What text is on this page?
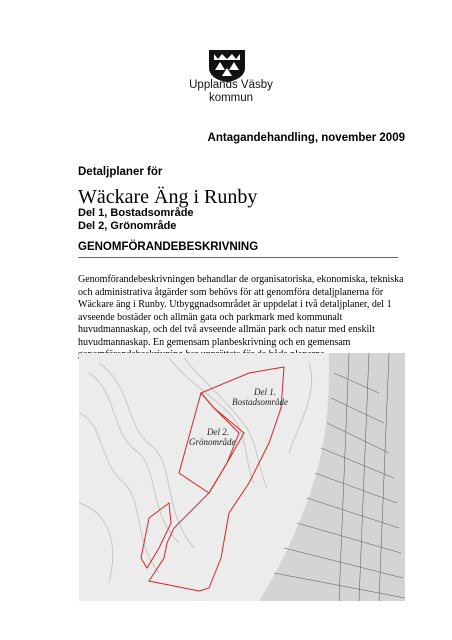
Upplands Väsby
kommun
Antagandehandling, november 2009
Detaljplaner för
Wäckare Äng i Runby
Del 1, Bostadsområde
Del 2, Grönområde
GENOMFÖRANDEBESKRIVNING
Genomförandebeskrivningen behandlar de organisatoriska, ekonomiska, tekniska och administrativa åtgärder som behövs för att genomföra detaljplanerna för Wäckare äng i Runby. Utbyggnadsområdet är uppdelat i två detaljplaner, del 1 avseende bostäder och allmän gata och parkmark med kommunalt huvudmannaskap, och del två avseende allmän park och natur med enskilt huvudmannaskap. En gemensam planbeskrivning och en gemensam
Del 1.
Bostadsområde
Del 2.
Grönområde
